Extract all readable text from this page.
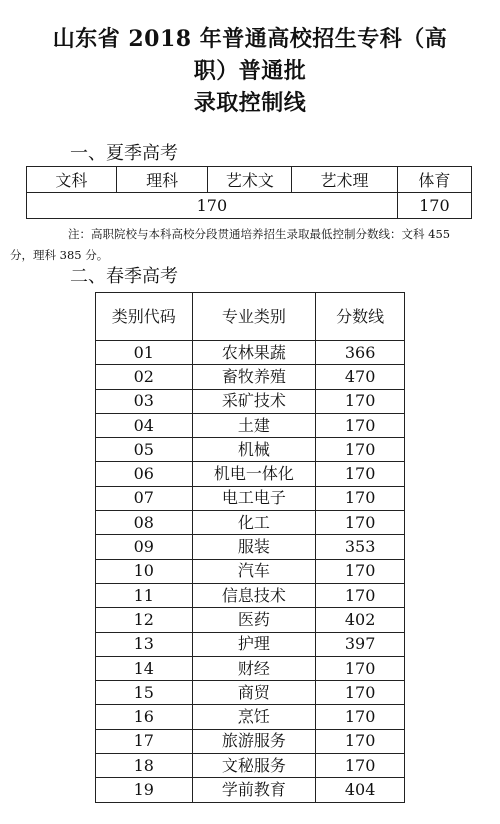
山东省 2018 年普通高校招生专科（高
职）普通批
录取控制线
一、夏季高考
文科	理科	艺术文	艺术理	体育
170				170
注：高职院校与本科高校分段贯通培养招生录取最低控制分数线：文科 455
分，理科 385 分。
二、春季高考
类别代码	专业类别	分数线
01	农林果蔬	366
02	畜牧养殖	470
03	采矿技术	170
04	土建	170
05	机械	170
06	机电一体化	170
07	电工电子	170
08	化工	170
09	服装	353
10	汽车	170
11	信息技术	170
12	医药	402
13	护理	397
14	财经	170
15	商贸	170
16	烹饪	170
17	旅游服务	170
18	文秘服务	170
19	学前教育	404
